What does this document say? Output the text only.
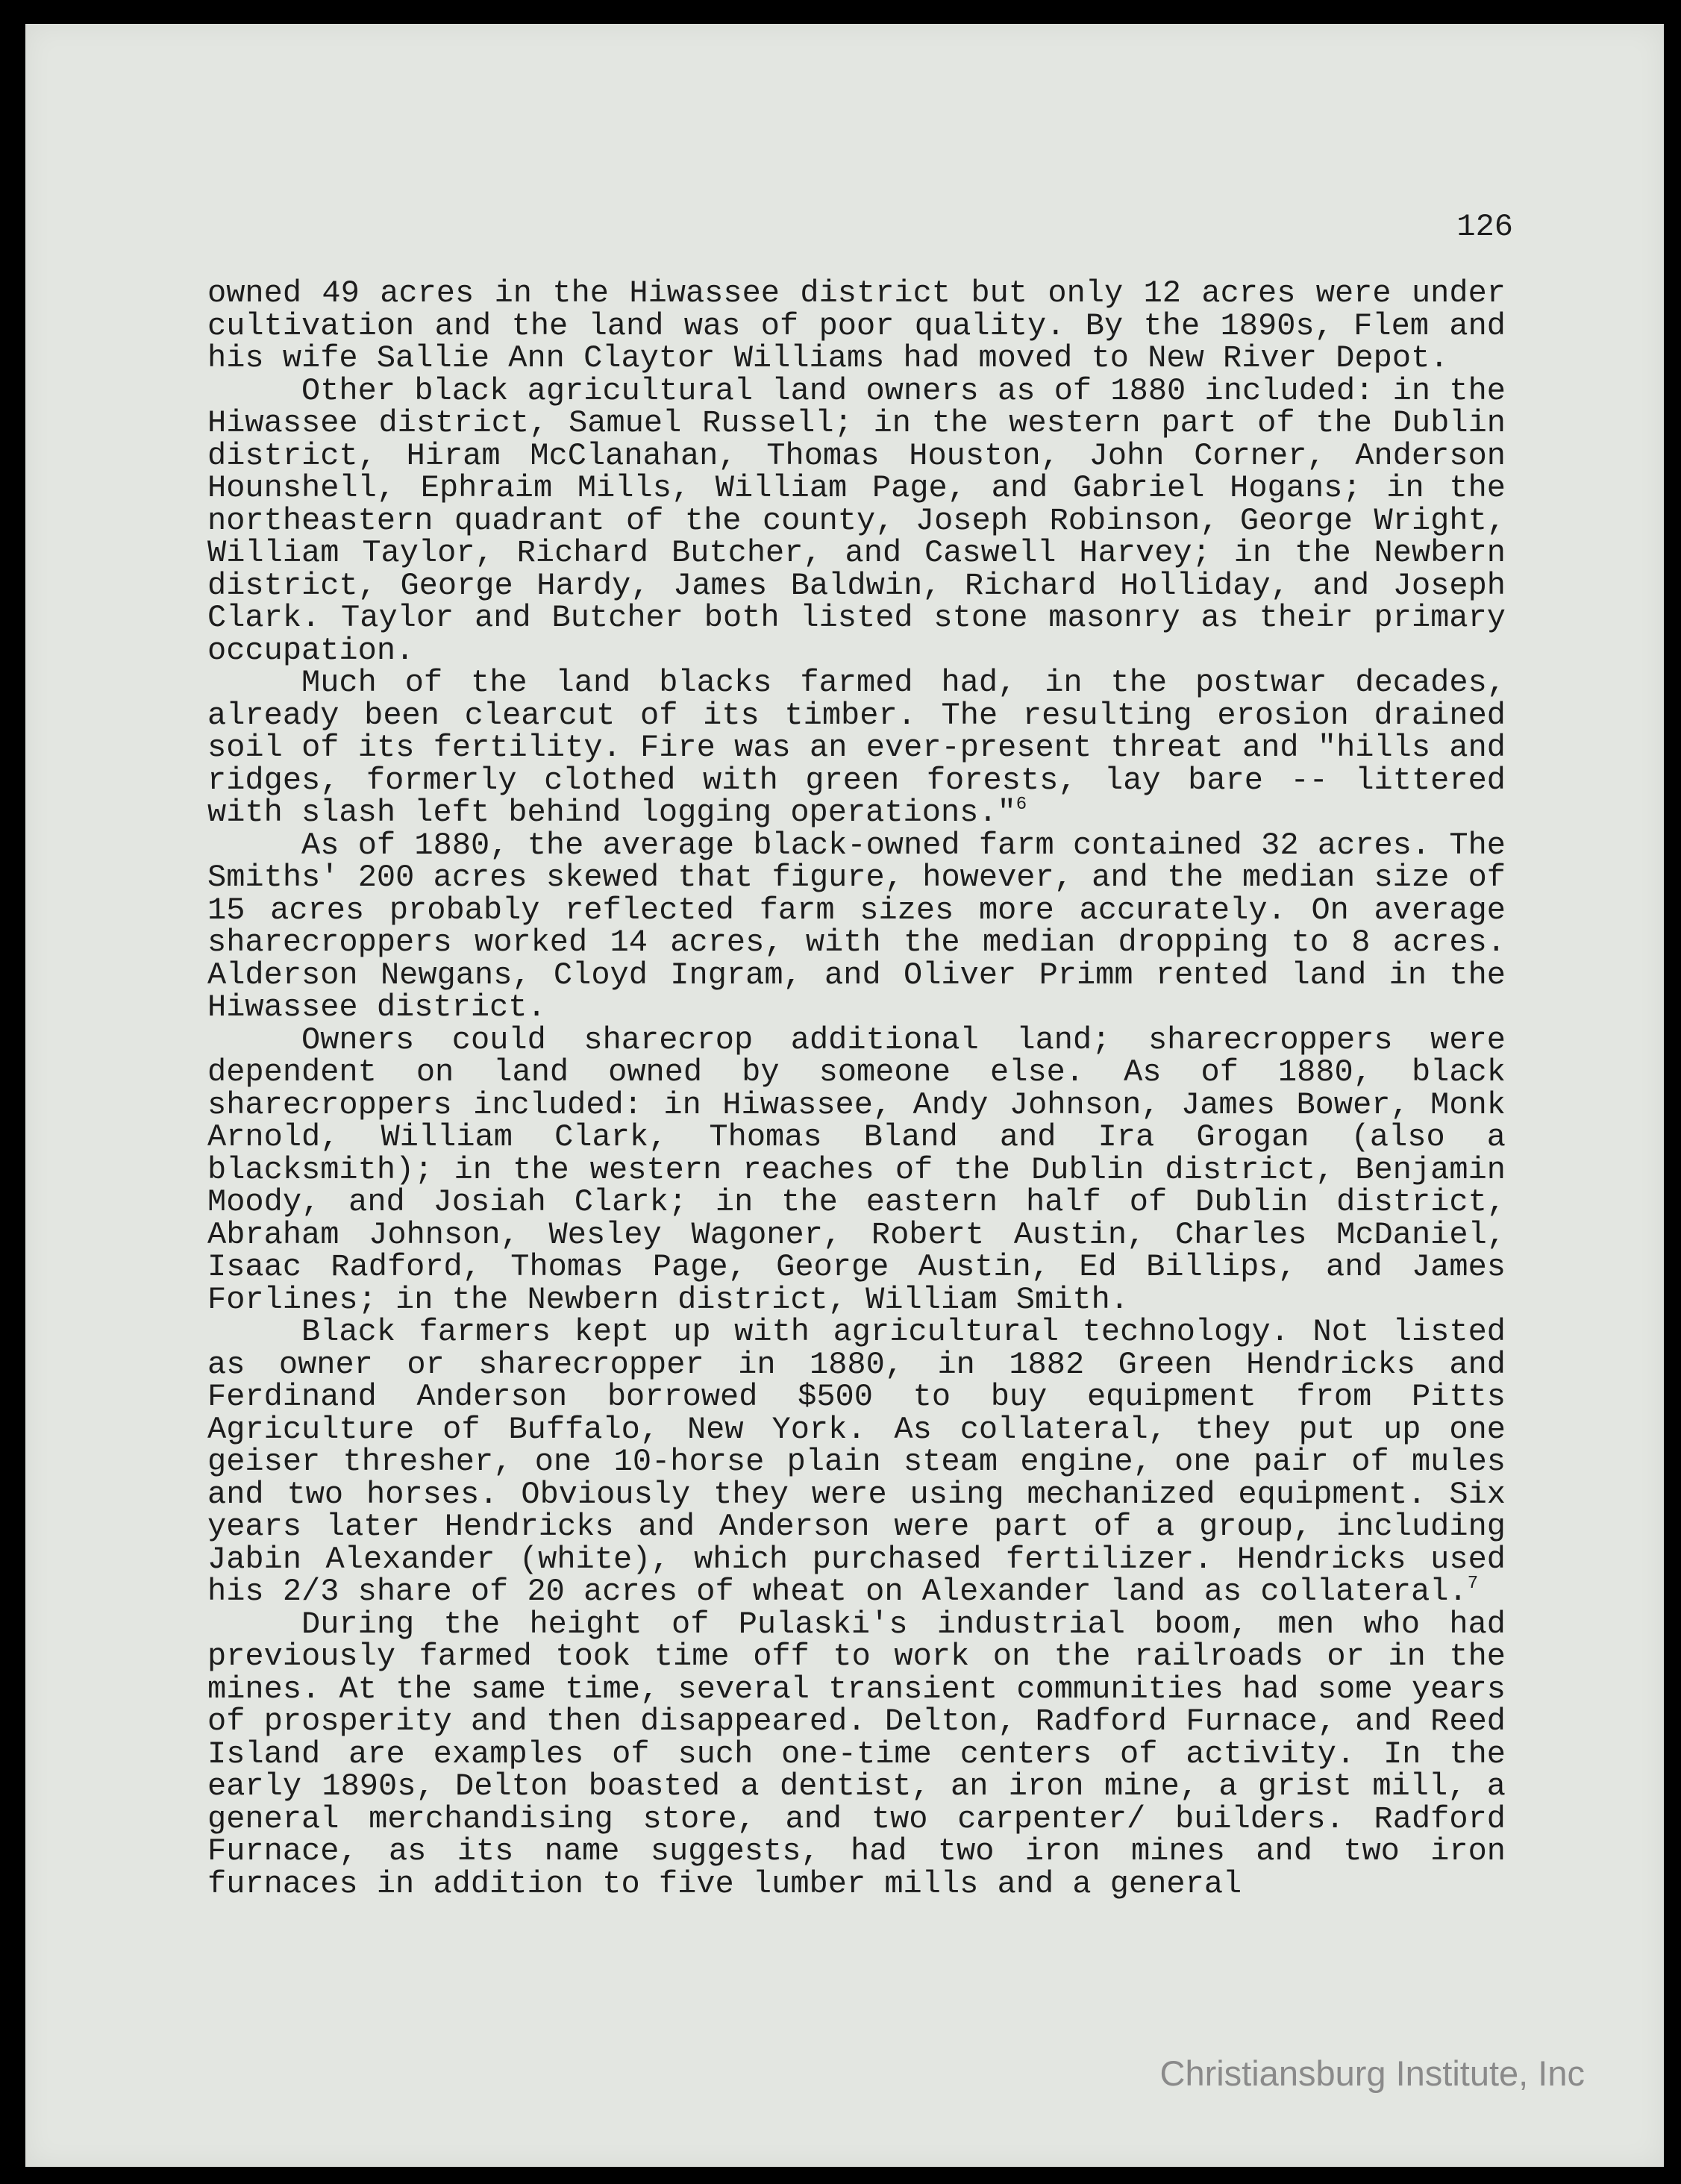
126

owned 49 acres in the Hiwassee district but only 12 acres were under cultivation and the land was of poor quality. By the 1890s, Flem and his wife Sallie Ann Claytor Williams had moved to New River Depot.

Other black agricultural land owners as of 1880 included: in the Hiwassee district, Samuel Russell; in the western part of the Dublin district, Hiram McClanahan, Thomas Houston, John Corner, Anderson Hounshell, Ephraim Mills, William Page, and Gabriel Hogans; in the northeastern quadrant of the county, Joseph Robinson, George Wright, William Taylor, Richard Butcher, and Caswell Harvey; in the Newbern district, George Hardy, James Baldwin, Richard Holliday, and Joseph Clark. Taylor and Butcher both listed stone masonry as their primary occupation.

Much of the land blacks farmed had, in the postwar decades, already been clearcut of its timber. The resulting erosion drained soil of its fertility. Fire was an ever-present threat and "hills and ridges, formerly clothed with green forests, lay bare -- littered with slash left behind logging operations."$^6$

As of 1880, the average black-owned farm contained 32 acres. The Smiths' 200 acres skewed that figure, however, and the median size of 15 acres probably reflected farm sizes more accurately. On average sharecroppers worked 14 acres, with the median dropping to 8 acres. Alderson Newgans, Cloyd Ingram, and Oliver Primm rented land in the Hiwassee district.

Owners could sharecrop additional land; sharecroppers were dependent on land owned by someone else. As of 1880, black sharecroppers included: in Hiwassee, Andy Johnson, James Bower, Monk Arnold, William Clark, Thomas Bland and Ira Grogan (also a blacksmith); in the western reaches of the Dublin district, Benjamin Moody, and Josiah Clark; in the eastern half of Dublin district, Abraham Johnson, Wesley Wagoner, Robert Austin, Charles McDaniel, Isaac Radford, Thomas Page, George Austin, Ed Billips, and James Forlines; in the Newbern district, William Smith.

Black farmers kept up with agricultural technology. Not listed as owner or sharecropper in 1880, in 1882 Green Hendricks and Ferdinand Anderson borrowed $500 to buy equipment from Pitts Agriculture of Buffalo, New York. As collateral, they put up one geiser thresher, one 10-horse plain steam engine, one pair of mules and two horses. Obviously they were using mechanized equipment. Six years later Hendricks and Anderson were part of a group, including Jabin Alexander (white), which purchased fertilizer. Hendricks used his 2/3 share of 20 acres of wheat on Alexander land as collateral.$^7$

During the height of Pulaski's industrial boom, men who had previously farmed took time off to work on the railroads or in the mines. At the same time, several transient communities had some years of prosperity and then disappeared. Delton, Radford Furnace, and Reed Island are examples of such one-time centers of activity. In the early 1890s, Delton boasted a dentist, an iron mine, a grist mill, a general merchandising store, and two carpenter/ builders. Radford Furnace, as its name suggests, had two iron mines and two iron furnaces in addition to five lumber mills and a general

Christiansburg Institute, Inc
